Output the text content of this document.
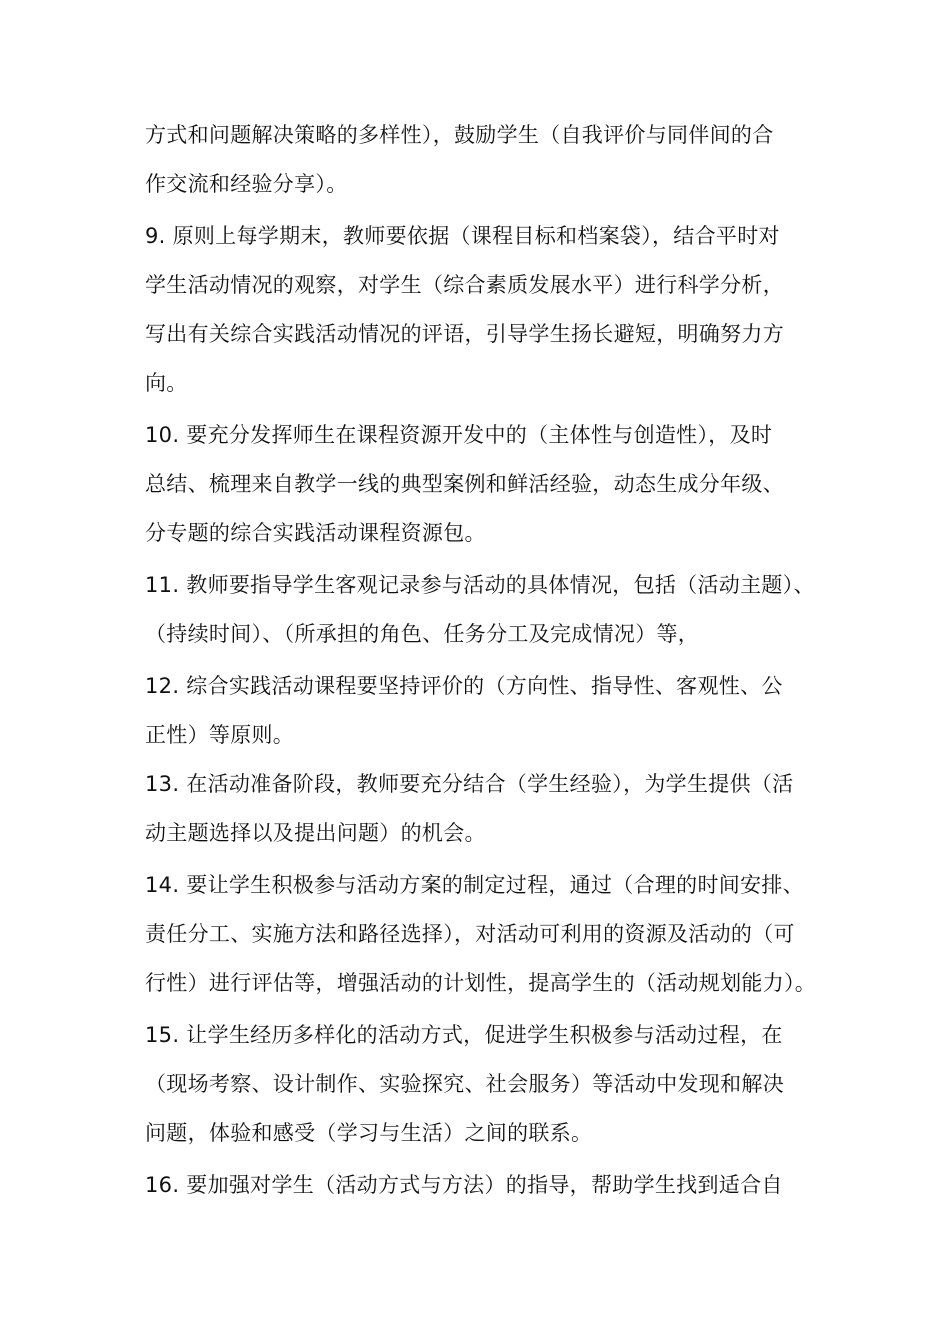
方式和问题解决策略的多样性），鼓励学生（自我评价与同伴间的合
作交流和经验分享）。
9. 原则上每学期末，教师要依据（课程目标和档案袋），结合平时对
学生活动情况的观察，对学生（综合素质发展水平）进行科学分析，
写出有关综合实践活动情况的评语，引导学生扬长避短，明确努力方
向。
10. 要充分发挥师生在课程资源开发中的（主体性与创造性），及时
总结、梳理来自教学一线的典型案例和鲜活经验，动态生成分年级、
分专题的综合实践活动课程资源包。
11. 教师要指导学生客观记录参与活动的具体情况，包括（活动主题）、
（持续时间）、（所承担的角色、任务分工及完成情况）等，
12. 综合实践活动课程要坚持评价的（方向性、指导性、客观性、公
正性）等原则。
13. 在活动准备阶段，教师要充分结合（学生经验），为学生提供（活
动主题选择以及提出问题）的机会。
14. 要让学生积极参与活动方案的制定过程，通过（合理的时间安排、
责任分工、实施方法和路径选择），对活动可利用的资源及活动的（可
行性）进行评估等，增强活动的计划性，提高学生的（活动规划能力）。
15. 让学生经历多样化的活动方式，促进学生积极参与活动过程，在
（现场考察、设计制作、实验探究、社会服务）等活动中发现和解决
问题，体验和感受（学习与生活）之间的联系。
16. 要加强对学生（活动方式与方法）的指导，帮助学生找到适合自
